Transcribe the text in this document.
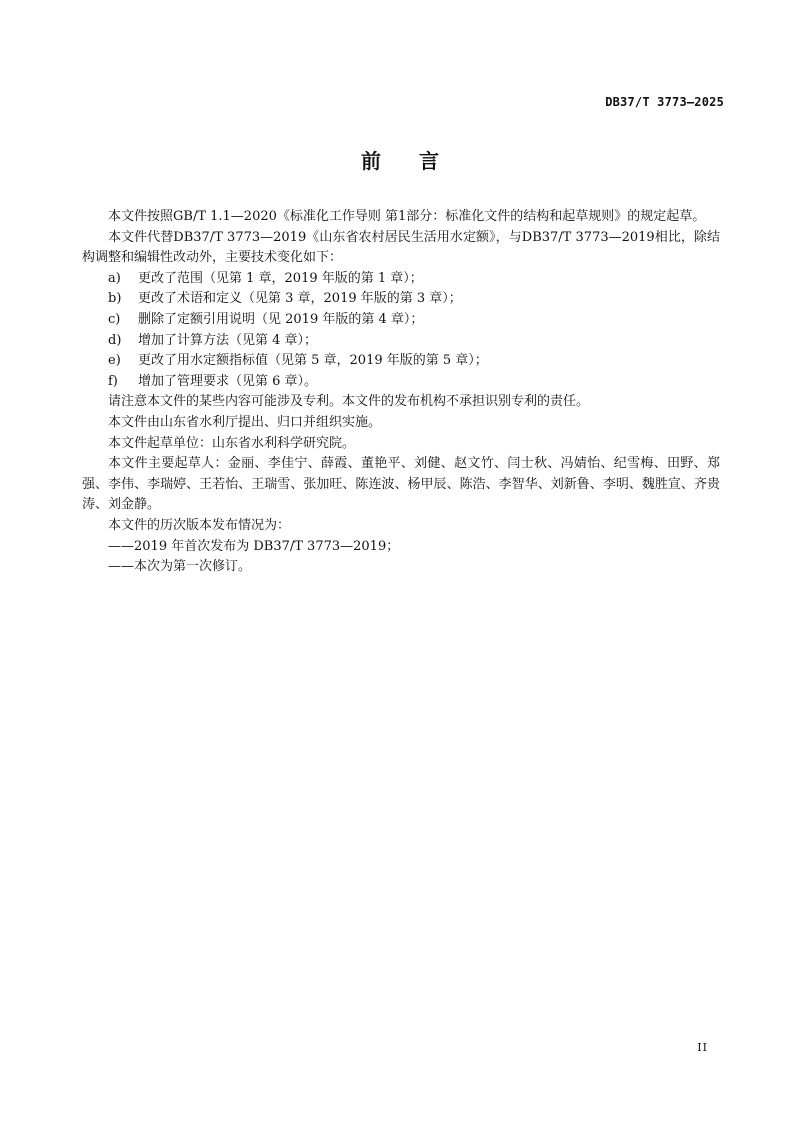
DB37/T 3773—2025
前言

本文件按照GB/T 1.1—2020《标准化工作导则 第1部分：标准化文件的结构和起草规则》的规定起草。

本文件代替DB37/T 3773—2019《山东省农村居民生活用水定额》，与DB37/T 3773—2019相比，除结构调整和编辑性改动外，主要技术变化如下：

a) 更改了范围（见第 1 章，2019 年版的第 1 章）；

b) 更改了术语和定义（见第 3 章，2019 年版的第 3 章）；

c) 删除了定额引用说明（见 2019 年版的第 4 章）；

d) 增加了计算方法（见第 4 章）；

e) 更改了用水定额指标值（见第 5 章，2019 年版的第 5 章）；

f) 增加了管理要求（见第 6 章）。

请注意本文件的某些内容可能涉及专利。本文件的发布机构不承担识别专利的责任。

本文件由山东省水利厅提出、归口并组织实施。

本文件起草单位：山东省水利科学研究院。

本文件主要起草人：金丽、李佳宁、薛霞、董艳平、刘健、赵文竹、闫士秋、冯婧怡、纪雪梅、田野、郑强、李伟、李瑞婷、王若怡、王瑞雪、张加旺、陈连波、杨甲辰、陈浩、李智华、刘新鲁、李明、魏胜宣、齐贵涛、刘金静。

本文件的历次版本发布情况为：

——2019 年首次发布为 DB37/T 3773—2019；

——本次为第一次修订。

II
